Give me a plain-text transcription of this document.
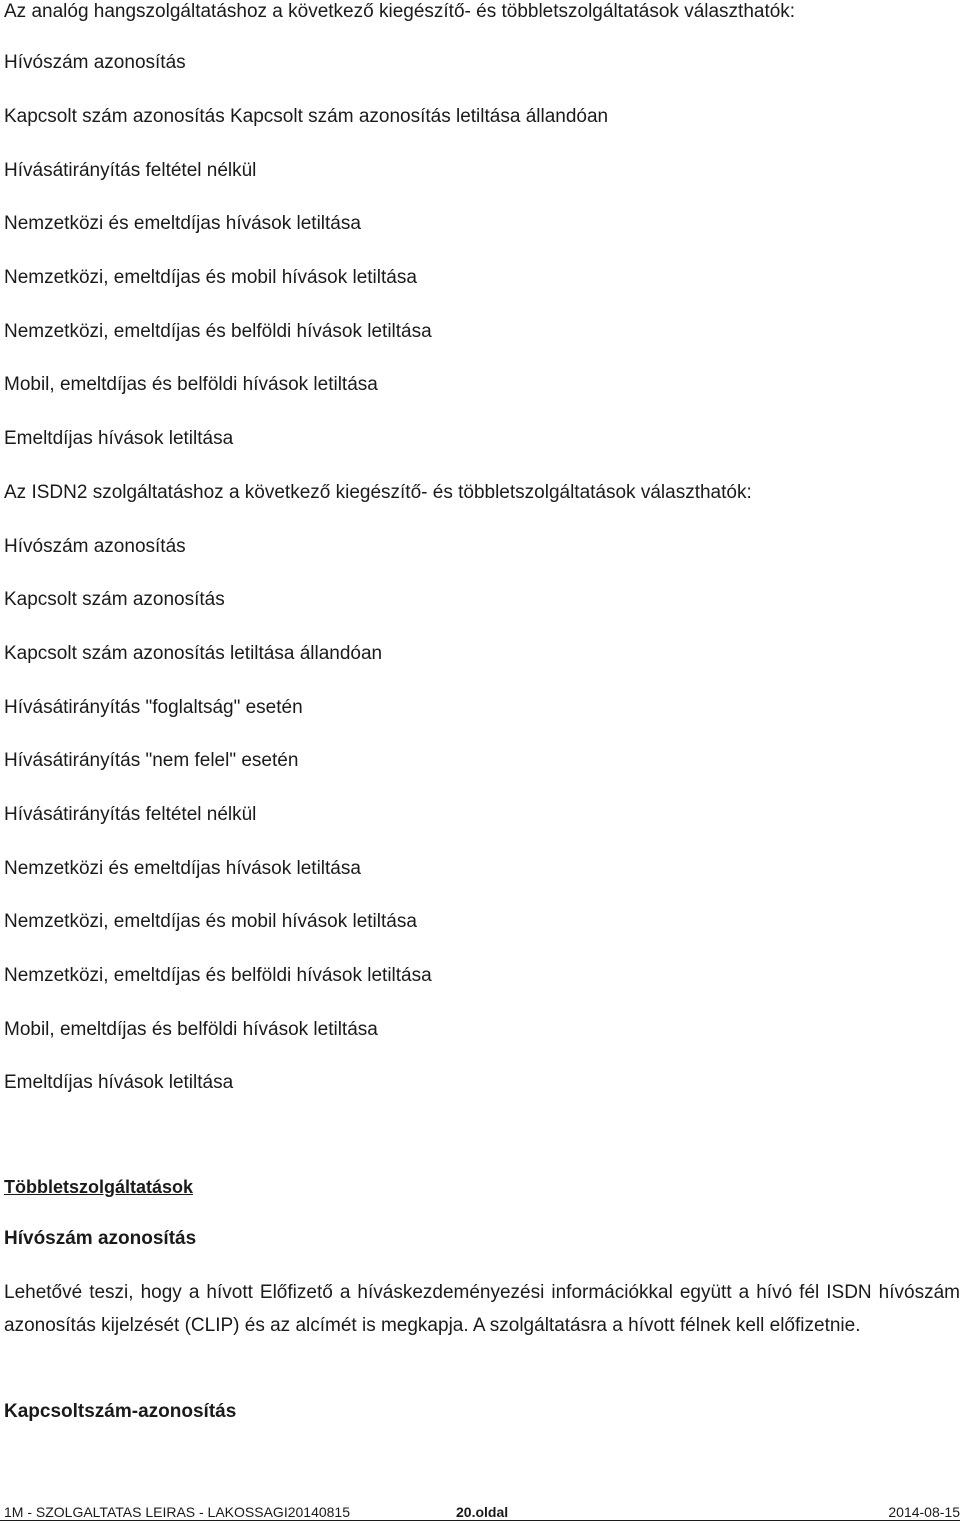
Az analóg hangszolgáltatáshoz a következő kiegészítő- és többletszolgáltatások választhatók:
Hívószám azonosítás
Kapcsolt szám azonosítás Kapcsolt szám azonosítás letiltása állandóan
Hívásátirányítás feltétel nélkül
Nemzetközi és emeltdíjas hívások letiltása
Nemzetközi, emeltdíjas és mobil hívások letiltása
Nemzetközi, emeltdíjas és belföldi hívások letiltása
Mobil, emeltdíjas és belföldi hívások letiltása
Emeltdíjas hívások letiltása
Az ISDN2 szolgáltatáshoz a következő kiegészítő- és többletszolgáltatások választhatók:
Hívószám azonosítás
Kapcsolt szám azonosítás
Kapcsolt szám azonosítás letiltása állandóan
Hívásátirányítás "foglaltság" esetén
Hívásátirányítás "nem felel" esetén
Hívásátirányítás feltétel nélkül
Nemzetközi és emeltdíjas hívások letiltása
Nemzetközi, emeltdíjas és mobil hívások letiltása
Nemzetközi, emeltdíjas és belföldi hívások letiltása
Mobil, emeltdíjas és belföldi hívások letiltása
Emeltdíjas hívások letiltása
Többletszolgáltatások
Hívószám azonosítás
Lehetővé teszi, hogy a hívott Előfizető a híváskezdeményezési információkkal együtt a hívó fél ISDN hívószám azonosítás kijelzését (CLIP) és az alcímét is megkapja. A szolgáltatásra a hívott félnek kell előfizetnie.
Kapcsoltszám-azonosítás
1M - SZOLGALTATAS LEIRAS - LAKOSSAGI20140815	20.oldal	2014-08-15
